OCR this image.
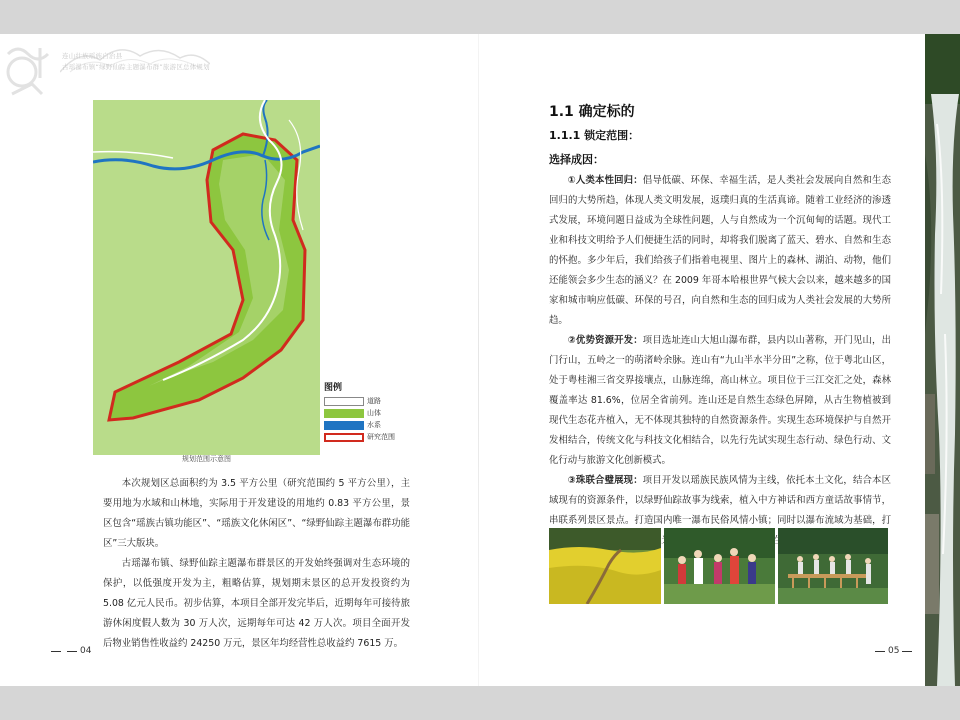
连山壮族瑶族自治县
古瑶瀑布镇“绿野仙踪主题瀑布群”旅游区总体规划
图例
道路
山体
水系
研究范围
规划范围示意图

本次规划区总面积约为 3.5 平方公里（研究范围约 5 平方公里），主要用地为水域和山林地，实际用于开发建设的用地约 0.83 平方公里，景区包含“瑶族古镇功能区”、“瑶族文化休闲区”、“绿野仙踪主题瀑布群功能区”三大版块。

古瑶瀑布镇、绿野仙踪主题瀑布群景区的开发始终强调对生态环境的保护，以低强度开发为主，粗略估算，规划期末景区的总开发投资约为 5.08 亿元人民币。初步估算，本项目全部开发完毕后，近期每年可接待旅游休闲度假人数为 30 万人次，远期每年可达 42 万人次。项目全面开发后物业销售性收益约 24250 万元，景区年均经营性总收益约 7615 万。

04
1.1 确定标的
1.1.1 锁定范围：
选择成因：

①人类本性回归：倡导低碳、环保、幸福生活，是人类社会发展向自然和生态回归的大势所趋，体现人类文明发展，返璞归真的生活真谛。随着工业经济的渗透式发展，环境问题日益成为全球性问题，人与自然成为一个沉甸甸的话题。现代工业和科技文明给予人们便捷生活的同时，却将我们脱离了蓝天、碧水、自然和生态的怀抱。多少年后，我们给孩子们指着电视里、图片上的森林、湖泊、动物，他们还能领会多少生态的涵义？在 2009 年哥本哈根世界气候大会以来，越来越多的国家和城市响应低碳、环保的号召，向自然和生态的回归成为人类社会发展的大势所趋。

②优势资源开发：项目选址连山大旭山瀑布群，县内以山著称，开门见山，出门行山，五岭之一的萌渚岭余脉。连山有“九山半水半分田”之称，位于粤北山区，处于粤桂湘三省交界接壤点，山脉连绵，高山林立。项目位于三江交汇之处，森林覆盖率达 81.6%，位居全省前列。连山还是自然生态绿色屏障，从古生物植被到现代生态花卉植入，无不体现其独特的自然资源条件。实现生态环境保护与自然开发相结合，传统文化与科技文化相结合，以先行先试实现生态行动、绿色行动、文化行动与旅游文化创新模式。

③珠联合璧展现：项目开发以瑶族民族风情为主线，依托本土文化，结合本区域现有的资源条件，以绿野仙踪故事为线索，植入中方神话和西方童话故事情节，串联系列景区景点。打造国内唯一瀑布民俗风情小镇；同时以瀑布流域为基础，打 观光

05
